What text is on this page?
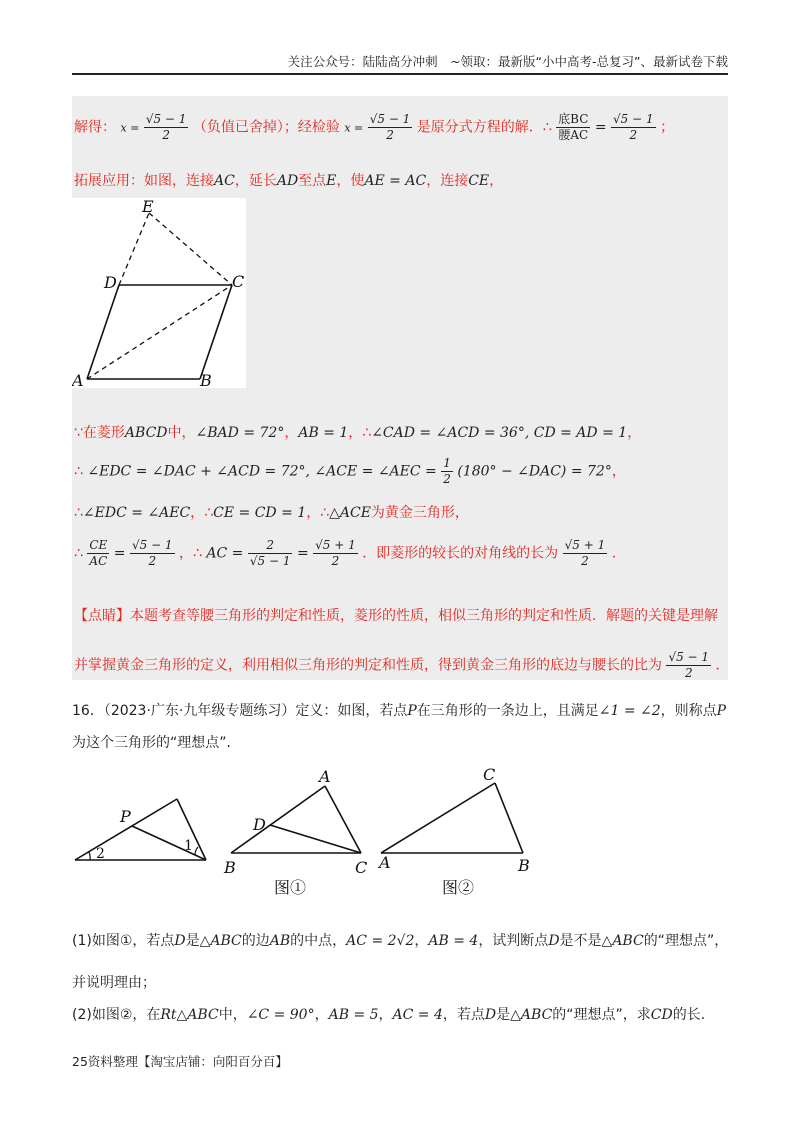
关注公众号：陆陆高分冲刺　~领取：最新版“小中高考-总复习”、最新试卷下载
解得： $x = \frac{√5 - 1}{2}$ （负值已舍掉）；经检验 $x = \frac{√5 - 1}{2}$ 是原分式方程的解．∴ $\frac{\text{底BC}}{\text{腰AC}} = \frac{√5 - 1}{2}$ ；
拓展应用：如图，连接AC，延长AD至点E，使AE = AC，连接CE，
E
D	C
A	B
∵在菱形ABCD中，∠BAD = 72°，AB = 1，∴∠CAD = ∠ACD = 36°, CD = AD = 1，
∴ ∠EDC = ∠DAC + ∠ACD = 72°, ∠ACE = ∠AEC = $\frac{1}{2} (180^\circ$ − ∠DAC) = 72°，
∴∠EDC = ∠AEC，∴CE = CD = 1，∴△ACE为黄金三角形，
∴ $\frac{CE}{AC} = \frac{√5 - 1}{2}$ ，∴ AC = $\frac{2}{√5 - 1} = \frac{√5 + 1}{2}$ ．即菱形的较长的对角线的长为 $\frac{√5 + 1}{2}$ ．
【点睛】本题考查等腰三角形的判定和性质，菱形的性质，相似三角形的判定和性质．解题的关键是理解
并掌握黄金三角形的定义，利用相似三角形的判定和性质，得到黄金三角形的底边与腰长的比为 $\frac{√5 - 1}{2}$ ．
16．（2023·广东·九年级专题练习）定义：如图，若点P在三角形的一条边上，且满足∠1 = ∠2，则称点P
为这个三角形的“理想点”．
P
1
2
A
D
B	C
图①
C
A	B
图②
(1)如图①，若点D是△ABC的边AB的中点，AC = 2√2，AB = 4，试判断点D是不是△ABC的“理想点”，
并说明理由；
(2)如图②，在Rt△ABC中，∠C = 90°，AB = 5，AC = 4，若点D是△ABC的“理想点”，求CD的长.
25资料整理【淘宝店铺：向阳百分百】
